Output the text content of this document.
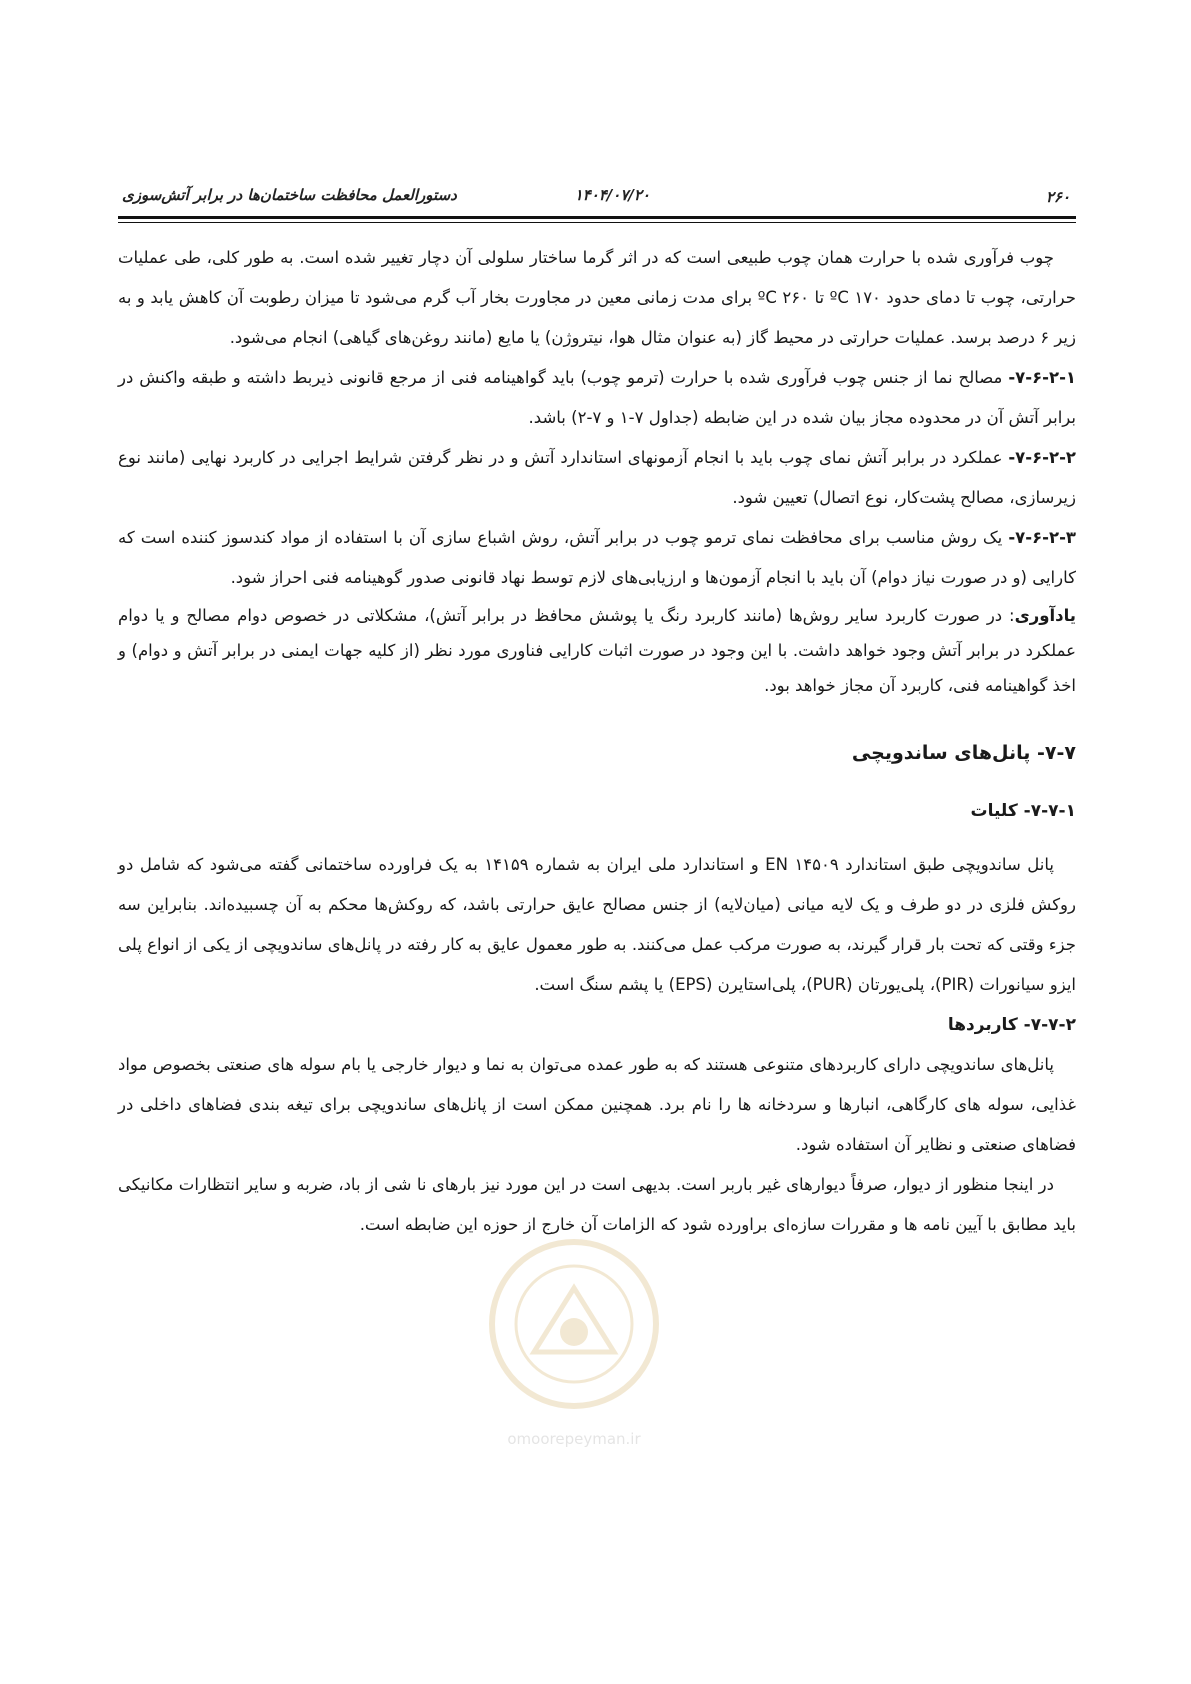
۲۶۰
۱۴۰۴/۰۷/۲۰
دستورالعمل محافظت ساختمان‌ها در برابر آتش‌سوزی

چوب فرآوری شده با حرارت همان چوب طبیعی است که در اثر گرما ساختار سلولی آن دچار تغییر شده است. به طور کلی، طی عملیات حرارتی، چوب تا دمای حدود ºC ۱۷۰ تا ºC ۲۶۰ برای مدت زمانی معین در مجاورت بخار آب گرم می‌شود تا میزان رطوبت آن کاهش یابد و به زیر ۶ درصد برسد. عملیات حرارتی در محیط گاز (به عنوان مثال هوا، نیتروژن) یا مایع (مانند روغن‌های گیاهی) انجام می‌شود.

۷-۶-۲-۱- مصالح نما از جنس چوب فرآوری شده با حرارت (ترمو چوب) باید گواهینامه فنی از مرجع قانونی ذیربط داشته و طبقه واکنش در برابر آتش آن در محدوده مجاز بیان شده در این ضابطه (جداول ۷-۱ و ۷-۲) باشد.

۷-۶-۲-۲- عملکرد در برابر آتش نمای چوب باید با انجام آزمونهای استاندارد آتش و در نظر گرفتن شرایط اجرایی در کاربرد نهایی (مانند نوع زیرسازی، مصالح پشت‌کار، نوع اتصال) تعیین شود.

۷-۶-۲-۳- یک روش مناسب برای محافظت نمای ترمو چوب در برابر آتش، روش اشباع سازی آن با استفاده از مواد کندسوز کننده است که کارایی (و در صورت نیاز دوام) آن باید با انجام آزمون‌ها و ارزیابی‌های لازم توسط نهاد قانونی صدور گوهینامه فنی احراز شود.

یادآوری: در صورت کاربرد سایر روش‌ها (مانند کاربرد رنگ یا پوشش محافظ در برابر آتش)، مشکلاتی در خصوص دوام مصالح و یا دوام عملکرد در برابر آتش وجود خواهد داشت. با این وجود در صورت اثبات کارایی فناوری مورد نظر (از کلیه جهات ایمنی در برابر آتش و دوام) و اخذ گواهینامه فنی، کاربرد آن مجاز خواهد بود.

۷-۷- پانل‌های ساندویچی
۷-۷-۱- کلیات

پانل ساندویچی طبق استاندارد EN ۱۴۵۰۹ و استاندارد ملی ایران به شماره ۱۴۱۵۹ به یک فراورده ساختمانی گفته می‌شود که شامل دو روکش فلزی در دو طرف و یک لایه میانی (میان‌لایه) از جنس مصالح عایق حرارتی باشد، که روکش‌ها محکم به آن چسبیده‌اند. بنابراین سه جزء وقتی که تحت بار قرار گیرند، به صورت مرکب عمل می‌کنند. به طور معمول عایق به کار رفته در پانل‌های ساندویچی از یکی از انواع پلی ایزو سیانورات (PIR)، پلی‌یورتان (PUR)، پلی‌استایرن (EPS) یا پشم سنگ است.

۷-۷-۲- کاربردها

پانل‌های ساندویچی دارای کاربردهای متنوعی هستند که به طور عمده می‌توان به نما و دیوار خارجی یا بام سوله های صنعتی بخصوص مواد غذایی، سوله های کارگاهی، انبارها و سردخانه ها را نام برد. همچنین ممکن است از پانل‌های ساندویچی برای تیغه بندی فضاهای داخلی در فضاهای صنعتی و نظایر آن استفاده شود.

در اینجا منظور از دیوار، صرفاً دیوارهای غیر باربر است. بدیهی است در این مورد نیز بارهای نا شی از باد، ضربه و سایر انتظارات مکانیکی باید مطابق با آیین نامه ها و مقررات سازه‌ای براورده شود که الزامات آن خارج از حوزه این ضابطه است.

omoorepeyman.ir
